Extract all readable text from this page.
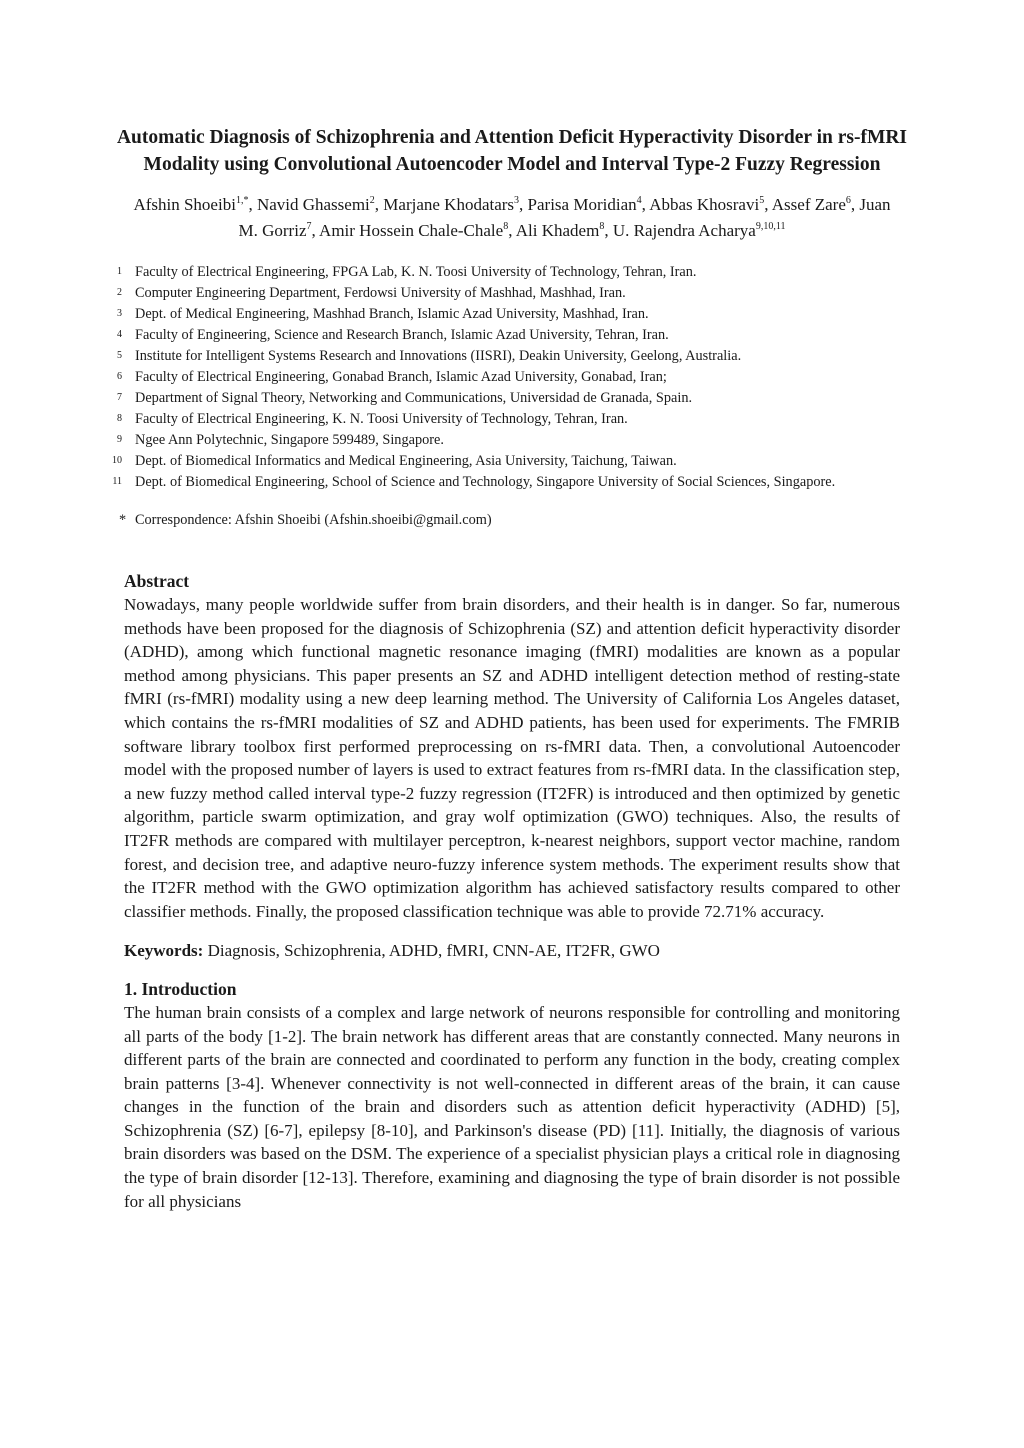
Automatic Diagnosis of Schizophrenia and Attention Deficit Hyperactivity Disorder in rs-fMRI Modality using Convolutional Autoencoder Model and Interval Type-2 Fuzzy Regression
Afshin Shoeibi$^{1,*}$, Navid Ghassemi$^2$, Marjane Khodatars$^3$, Parisa Moridian$^4$, Abbas Khosravi$^5$, Assef Zare$^6$, Juan M. Gorriz$^7$, Amir Hossein Chale-Chale$^8$, Ali Khadem$^8$, U. Rajendra Acharya$^{9,10,11}$
1 Faculty of Electrical Engineering, FPGA Lab, K. N. Toosi University of Technology, Tehran, Iran.
2 Computer Engineering Department, Ferdowsi University of Mashhad, Mashhad, Iran.
3 Dept. of Medical Engineering, Mashhad Branch, Islamic Azad University, Mashhad, Iran.
4 Faculty of Engineering, Science and Research Branch, Islamic Azad University, Tehran, Iran.
5 Institute for Intelligent Systems Research and Innovations (IISRI), Deakin University, Geelong, Australia.
6 Faculty of Electrical Engineering, Gonabad Branch, Islamic Azad University, Gonabad, Iran;
7 Department of Signal Theory, Networking and Communications, Universidad de Granada, Spain.
8 Faculty of Electrical Engineering, K. N. Toosi University of Technology, Tehran, Iran.
9 Ngee Ann Polytechnic, Singapore 599489, Singapore.
10 Dept. of Biomedical Informatics and Medical Engineering, Asia University, Taichung, Taiwan.
11 Dept. of Biomedical Engineering, School of Science and Technology, Singapore University of Social Sciences, Singapore.
* Correspondence: Afshin Shoeibi (Afshin.shoeibi@gmail.com)
Abstract

Nowadays, many people worldwide suffer from brain disorders, and their health is in danger. So far, numerous methods have been proposed for the diagnosis of Schizophrenia (SZ) and attention deficit hyperactivity disorder (ADHD), among which functional magnetic resonance imaging (fMRI) modalities are known as a popular method among physicians. This paper presents an SZ and ADHD intelligent detection method of resting-state fMRI (rs-fMRI) modality using a new deep learning method. The University of California Los Angeles dataset, which contains the rs-fMRI modalities of SZ and ADHD patients, has been used for experiments. The FMRIB software library toolbox first performed preprocessing on rs-fMRI data. Then, a convolutional Autoencoder model with the proposed number of layers is used to extract features from rs-fMRI data. In the classification step, a new fuzzy method called interval type-2 fuzzy regression (IT2FR) is introduced and then optimized by genetic algorithm, particle swarm optimization, and gray wolf optimization (GWO) techniques. Also, the results of IT2FR methods are compared with multilayer perceptron, k-nearest neighbors, support vector machine, random forest, and decision tree, and adaptive neuro-fuzzy inference system methods. The experiment results show that the IT2FR method with the GWO optimization algorithm has achieved satisfactory results compared to other classifier methods. Finally, the proposed classification technique was able to provide 72.71% accuracy.

Keywords: Diagnosis, Schizophrenia, ADHD, fMRI, CNN-AE, IT2FR, GWO

1. Introduction

The human brain consists of a complex and large network of neurons responsible for controlling and monitoring all parts of the body [1-2]. The brain network has different areas that are constantly connected. Many neurons in different parts of the brain are connected and coordinated to perform any function in the body, creating complex brain patterns [3-4]. Whenever connectivity is not well-connected in different areas of the brain, it can cause changes in the function of the brain and disorders such as attention deficit hyperactivity (ADHD) [5], Schizophrenia (SZ) [6-7], epilepsy [8-10], and Parkinson's disease (PD) [11]. Initially, the diagnosis of various brain disorders was based on the DSM. The experience of a specialist physician plays a critical role in diagnosing the type of brain disorder [12-13]. Therefore, examining and diagnosing the type of brain disorder is not possible for all physicians
